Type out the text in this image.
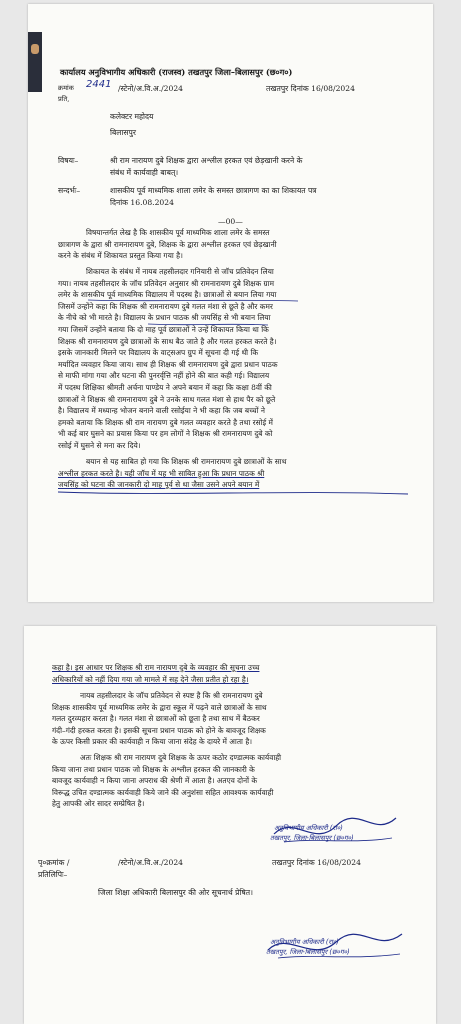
कार्यालय अनुविभागीय अधिकारी (राजस्व) तखतपुर जिला–बिलासपुर (छ०ग०)
क्रमांक 2441 /स्टेनो/अ.वि.अ./2024	तखतपुर दिनांक 16/08/2024
प्रति,
कलेक्टर महोदय
बिलासपुर
विषयः–	श्री राम नारायण दुबे शिक्षक द्वारा अश्लील हरकत एवं छेड़खानी करने के
संबंध में कार्यवाही बाबत्।
सन्दर्भः–	शासकीय पूर्व माध्यमिक शाला लमेर के समस्त छात्रागण का का शिकायत पत्र
दिनांक 16.08.2024
—00—
विषयान्तर्गत लेख है कि शासकीय पूर्व माध्यमिक शाला लमेर के समस्त
छात्रागण के द्वारा श्री रामनारायण दुबे, शिक्षक के द्वारा अश्लील हरकत एवं छेड़खानी
करने के संबंध में शिकायत प्रस्तुत किया गया है।
शिकायत के संबंध में नायब तहसीलदार गनियारी से जॉच प्रतिवेदन लिया
गया। नायब तहसीलदार के जॉच प्रतिवेदन अनुसार श्री रामनारायण दुबे शिक्षक ग्राम
लमेर के शासकीय पूर्व माध्यमिक विद्यालय में पदस्थ है। छात्राओं से बयान लिया गया
जिसमें उन्होंने कहा कि शिक्षक श्री रामनारायण दुबे गलत मंशा से छूते है और कमर
के नीचे को भी मारते है। विद्यालय के प्रधान पाठक श्री जयसिंह से भी बयान लिया
गया जिसमें उन्होंने बताया कि दो माह पूर्व छात्राओं ने उन्हें शिकायत किया था कि
शिक्षक श्री रामनारायण दुबे छात्राओं के साथ बैठ जाते है और गलत हरकत करते है।
इसके जानकारी मिलने पर विद्यालय के वाट्सअप ग्रुप में सूचना दी गई थी कि
मर्यादित व्यवहार किया जाय। साथ ही शिक्षक श्री रामनारायण दुबे द्वारा प्रधान पाठक
से माफी मांगा गया और घटना की पुनरर्वृत्ति नहीं होने की बात कही गई। विद्यालय
में पदस्थ शिक्षिका श्रीमती अर्चना पाण्डेय ने अपने बयान में कहा कि कक्षा 8वीं की
छात्राओं ने शिक्षक श्री रामनारायण दुबे ने उनके साथ गलत मंशा से हाथ पैर को छूते
है। विद्यालय में मध्यान्ह भोजन बनाने वाली रसोईया ने भी कहा कि जब बच्चों ने
हमको बताया कि शिक्षक श्री राम नारायण दुबे गलत व्यवहार करते है तथा रसोई में
भी कई बार घुसने का प्रयास किया पर हम लोगों ने शिक्षक श्री रामनारायण दुबे को
रसोई में घुसने से मना कर दिये।
बयान से यह साबित हो गया कि शिक्षक श्री रामनारायण दुबे छात्राओं के साथ
अश्लील हरकत करते है। यही जॉच में यह भी साबित हुआ कि प्रधान पाठक श्री
जयसिंह को घटना की जानकारी दो माह पूर्व से था जैसा उसने अपने बयान में
कहा है। इस आधार पर शिक्षक श्री राम नारायण दुबे के व्यवहार की सूचना उच्च
अधिकारियों को नहीं दिया गया जो मामले में सह देने जैसा प्रतीत हो रहा है।
नायब तहसीलदार के जॉच प्रतिवेदन से स्पष्ट है कि श्री रामनारायण दुबे
शिक्षक शासकीय पूर्व माध्यमिक लमेर के द्वारा स्कूल में पढ़ने वाले छात्राओं के साथ
गलत दुरव्यहार करता है। गलत मंशा से छात्राओं को छूता है तथा साथ में बैठकर
गंदी–गंदी हरकत करता है। इसकी सूचना प्रधान पाठक को होने के बावजूद शिक्षक
के ऊपर किसी प्रकार की कार्यवाही न किया जाना संदेह के दायरे में आता है।
अतः शिक्षक श्री राम नारायण दुबे शिक्षक के ऊपर कठोर दण्डात्मक कार्यवाही
किया जाना तथा प्रधान पाठक जो शिक्षक के अश्लील हरकत की जानकारी के
बावजूद कार्यवाही न किया जाना अपराध की श्रेणी में आता है। अतएव दोनों के
विरूद्ध उचित दण्डात्मक कार्यवाही किये जाने की अनुशंसा सहित आवश्यक कार्यवाही
हेतु आपकी ओर सादर सम्प्रेषित है।
अनुविभागीय अधिकारी (रा०)
तखतपुर, जिला-बिलासपुर (छ०ग०)
पृ०क्रमांक /	/स्टेनो/अ.वि.अ./2024	तखतपुर दिनांक 16/08/2024
प्रतिलिपिः–
जिला शिक्षा अधिकारी बिलासपुर की ओर सूचनार्थ प्रेषित।
अनुविभागीय अधिकारी (रा०)
तखतपुर, जिला-बिलासपुर (छ०ग०)
